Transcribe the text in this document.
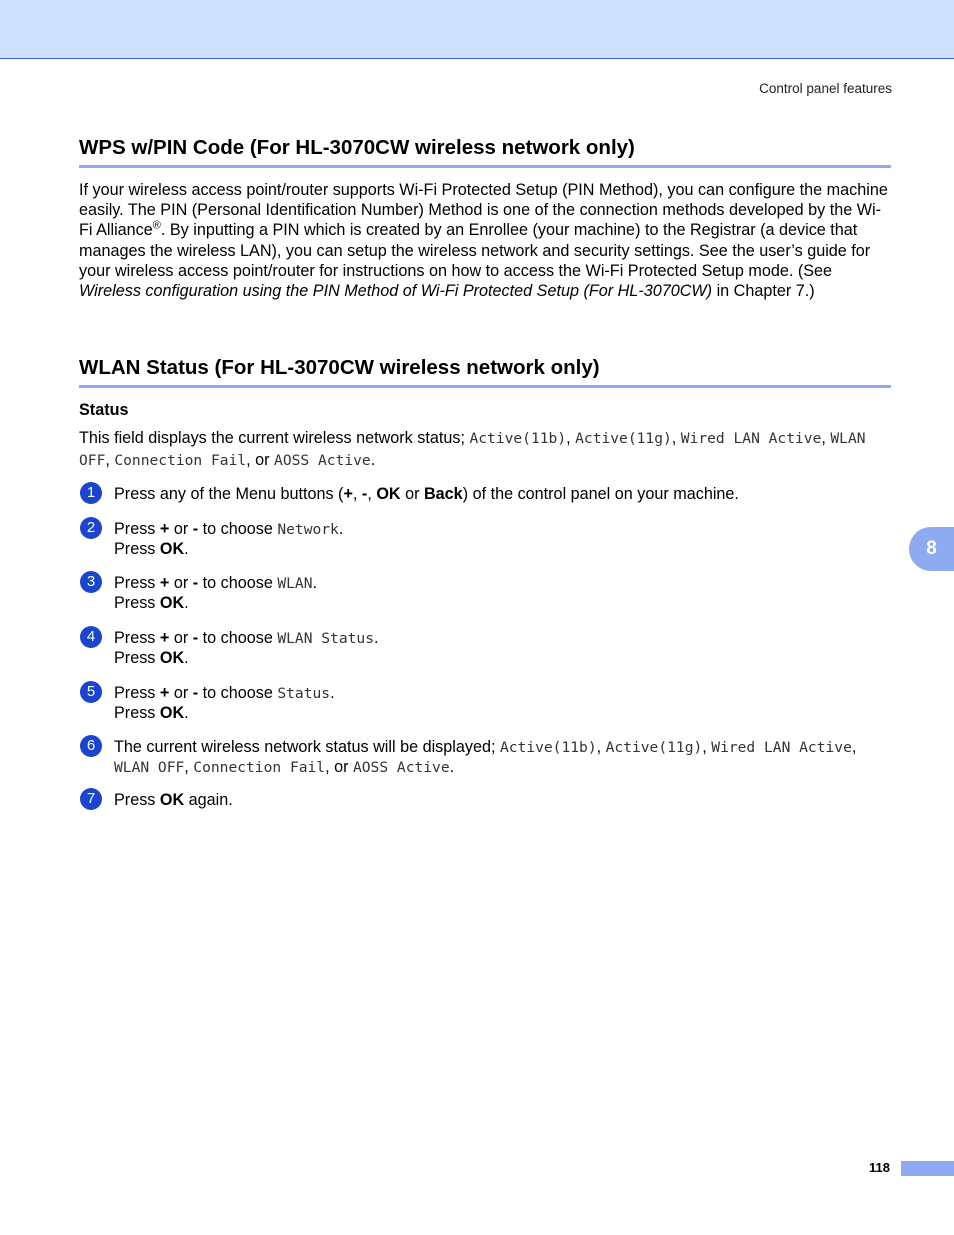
Control panel features
WPS w/PIN Code (For HL-3070CW wireless network only)
If your wireless access point/router supports Wi-Fi Protected Setup (PIN Method), you can configure the machine easily. The PIN (Personal Identification Number) Method is one of the connection methods developed by the Wi-Fi Alliance®. By inputting a PIN which is created by an Enrollee (your machine) to the Registrar (a device that manages the wireless LAN), you can setup the wireless network and security settings. See the user’s guide for your wireless access point/router for instructions on how to access the Wi-Fi Protected Setup mode. (See Wireless configuration using the PIN Method of Wi-Fi Protected Setup (For HL-3070CW) in Chapter 7.)
WLAN Status (For HL-3070CW wireless network only)
Status
This field displays the current wireless network status; Active(11b), Active(11g), Wired LAN Active, WLAN OFF, Connection Fail, or AOSS Active.
1	Press any of the Menu buttons (+, -, OK or Back) of the control panel on your machine.
2	Press + or - to choose Network.
Press OK.
3	Press + or - to choose WLAN.
Press OK.
4	Press + or - to choose WLAN Status.
Press OK.
5	Press + or - to choose Status.
Press OK.
6	The current wireless network status will be displayed; Active(11b), Active(11g), Wired LAN Active, WLAN OFF, Connection Fail, or AOSS Active.
7	Press OK again.
8
118
